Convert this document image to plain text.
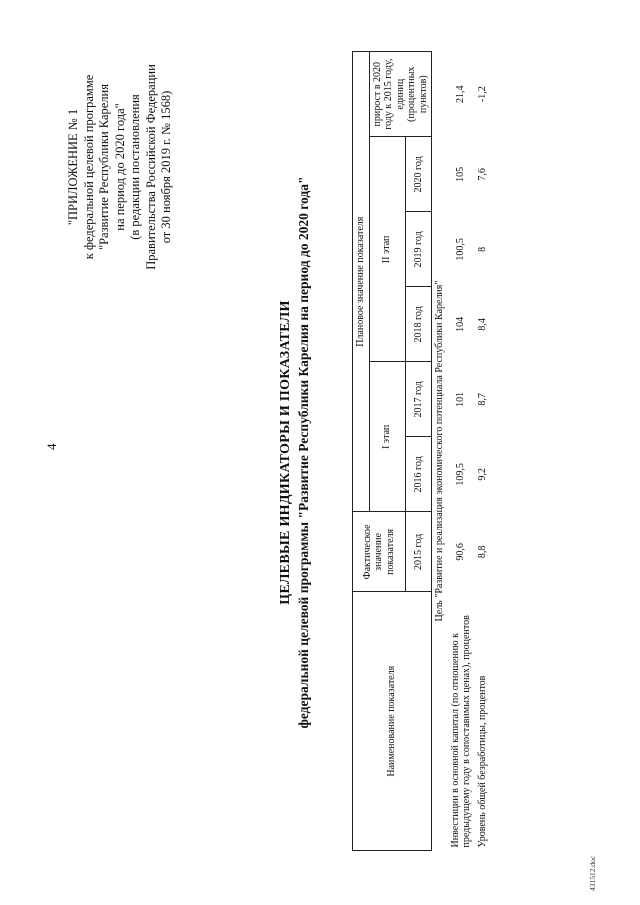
4
"ПРИЛОЖЕНИЕ № 1 к федеральной целевой программе "Развитие Республики Карелия на период до 2020 года" (в редакции постановления Правительства Российской Федерации от 30 ноября 2019 г. № 1568)
ЦЕЛЕВЫЕ ИНДИКАТОРЫ И ПОКАЗАТЕЛИ федеральной целевой программы "Развитие Республики Карелия на период до 2020 года"	Наименование показателя	Фактическое значение показателя	Плановое значение показателя					
		I этап		II этап			прирост в 2020 году к 2015 году, единиц (процентных пунктов)
	2015 год	2016 год	2017 год	2018 год	2019 год	2020 год	
Цель "Развитие и реализация экономического потенциала Республики Карелия"							
Инвестиции в основной капитал (по отношению к предыдущему году в сопоставимых ценах), процентов	90,6	109,5	101	104	100,5	105	21,4
Уровень общей безработицы, процентов	8,8	9,2	8,7	8,4	8	7,6	-1,2
431512.doc
